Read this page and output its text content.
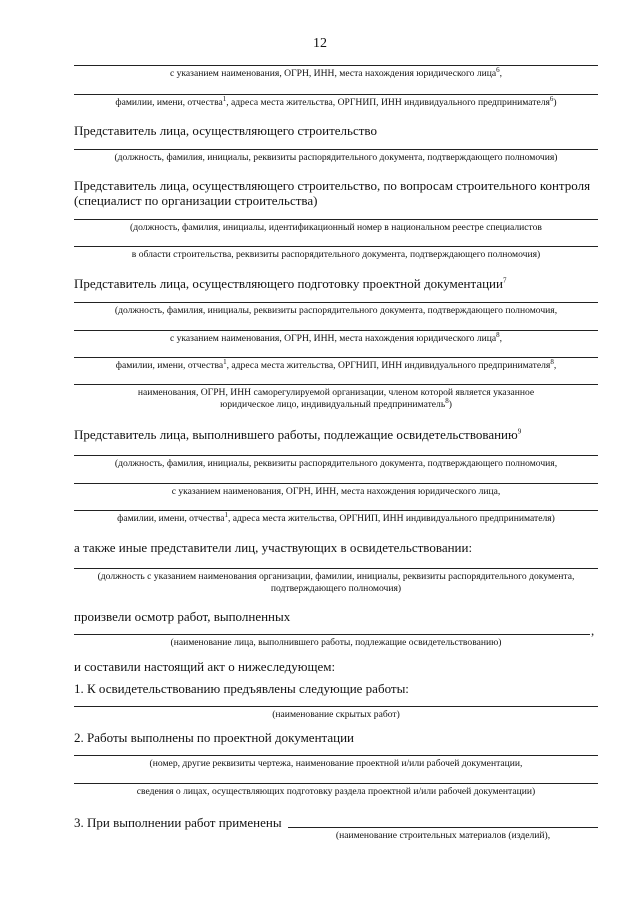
12
с указанием наименования, ОГРН, ИНН, места нахождения юридического лица$^6$,
фамилии, имени, отчества$^1$, адреса места жительства, ОРГНИП, ИНН индивидуального предпринимателя$^6$)
Представитель лица, осуществляющего строительство
(должность, фамилия, инициалы, реквизиты распорядительного документа, подтверждающего полномочия)
Представитель лица, осуществляющего строительство, по вопросам строительного контроля (специалист по организации строительства)
(должность, фамилия, инициалы, идентификационный номер в национальном реестре специалистов
в области строительства, реквизиты распорядительного документа, подтверждающего полномочия)
Представитель лица, осуществляющего подготовку проектной документации$^7$
(должность, фамилия, инициалы, реквизиты распорядительного документа, подтверждающего полномочия,
с указанием наименования, ОГРН, ИНН, места нахождения юридического лица$^8$,
фамилии, имени, отчества$^1$, адреса места жительства, ОРГНИП, ИНН индивидуального предпринимателя$^8$,
наименования, ОГРН, ИНН саморегулируемой организации, членом которой является указанное юридическое лицо, индивидуальный предприниматель$^8$)
Представитель лица, выполнившего работы, подлежащие освидетельствованию$^9$
(должность, фамилия, инициалы, реквизиты распорядительного документа, подтверждающего полномочия,
с указанием наименования, ОГРН, ИНН, места нахождения юридического лица,
фамилии, имени, отчества$^1$, адреса места жительства, ОРГНИП, ИНН индивидуального предпринимателя)
а также иные представители лиц, участвующих в освидетельствовании:
(должность с указанием наименования организации, фамилии, инициалы, реквизиты распорядительного документа, подтверждающего полномочия)
произвели осмотр работ, выполненных
,
(наименование лица, выполнившего работы, подлежащие освидетельствованию)
и составили настоящий акт о нижеследующем:
1. К освидетельствованию предъявлены следующие работы:
(наименование скрытых работ)
2. Работы выполнены по проектной документации
(номер, другие реквизиты чертежа, наименование проектной и/или рабочей документации,
сведения о лицах, осуществляющих подготовку раздела проектной и/или рабочей документации)
3. При выполнении работ применены
(наименование строительных материалов (изделий),
